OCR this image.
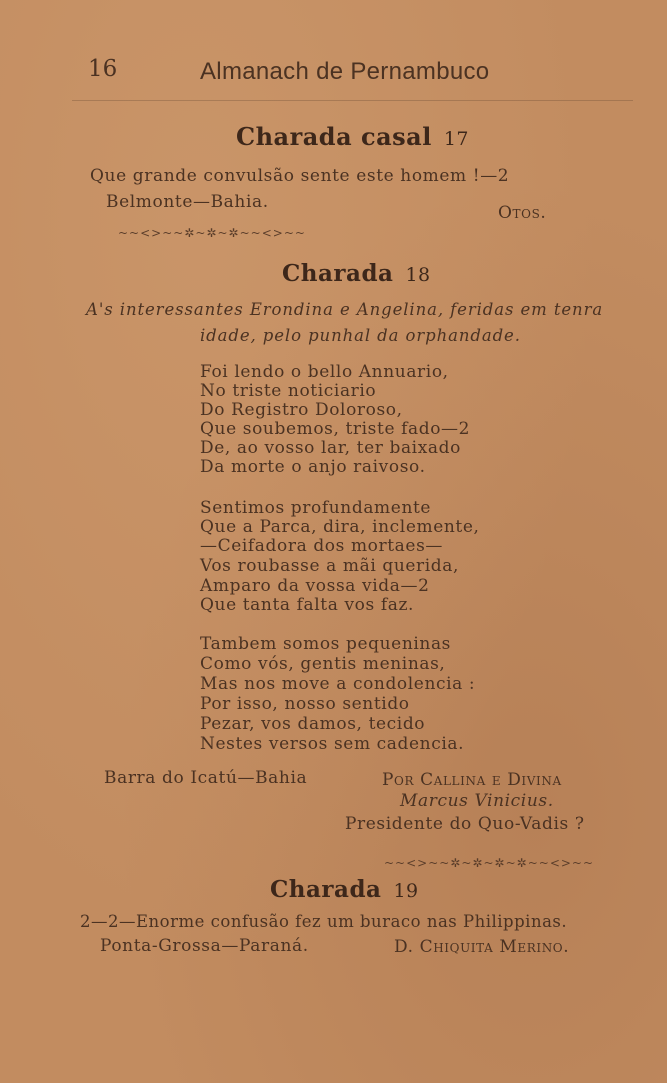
16	Almanach de Pernambuco
Charada casal 17
Que grande convulsão sente este homem !—2
Belmonte—Bahia.
Otos.
~~<>~~✲~✲~✲~~<>~~
Charada 18
A's interessantes Erondina e Angelina, feridas em tenra
idade, pelo punhal da orphandade.
Foi lendo o bello Annuario,
No triste noticiario
Do Registro Doloroso,
Que soubemos, triste fado—2
De, ao vosso lar, ter baixado
Da morte o anjo raivoso.
Sentimos profundamente
Que a Parca, dira, inclemente,
—Ceifadora dos mortaes—
Vos roubasse a mãi querida,
Amparo da vossa vida—2
Que tanta falta vos faz.
Tambem somos pequeninas
Como vós, gentis meninas,
Mas nos move a condolencia :
Por isso, nosso sentido
Pezar, vos damos, tecido
Nestes versos sem cadencia.
Barra do Icatú—Bahia	Por Callina e Divina
Marcus Vinicius.
Presidente do Quo-Vadis ?
~~<>~~✲~✲~✲~✲~~<>~~
Charada 19
2—2—Enorme confusão fez um buraco nas Philippinas.
Ponta-Grossa—Paraná.	D. Chiquita Merino.
